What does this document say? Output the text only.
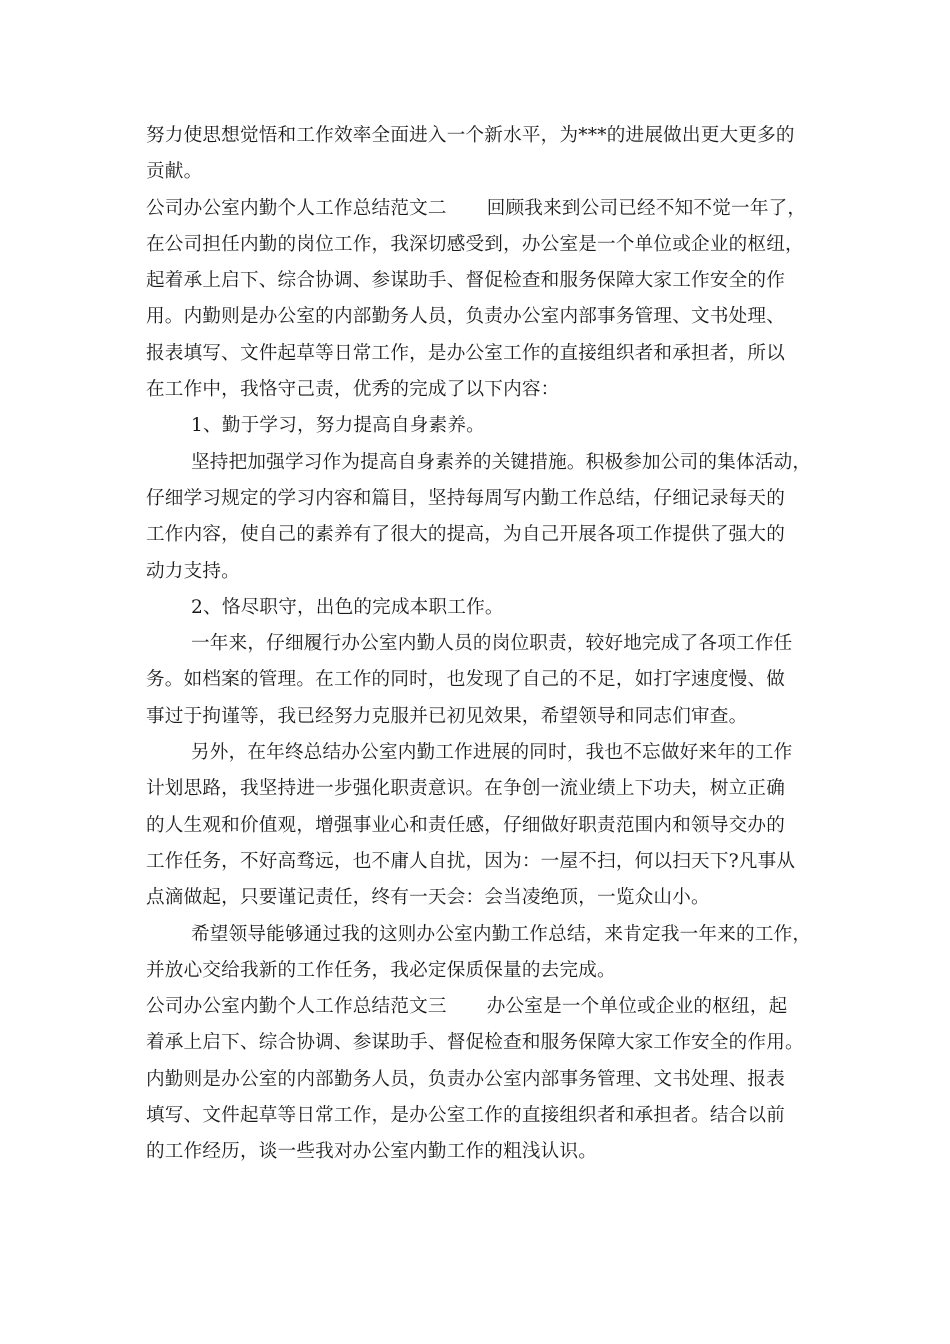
努力使思想觉悟和工作效率全面进入一个新水平，为***的进展做出更大更多的
贡献。
公司办公室内勤个人工作总结范文二 回顾我来到公司已经不知不觉一年了，
在公司担任内勤的岗位工作，我深切感受到，办公室是一个单位或企业的枢纽，
起着承上启下、综合协调、参谋助手、督促检查和服务保障大家工作安全的作
用。内勤则是办公室的内部勤务人员，负责办公室内部事务管理、文书处理、
报表填写、文件起草等日常工作，是办公室工作的直接组织者和承担者，所以
在工作中，我恪守己责，优秀的完成了以下内容：
1、勤于学习，努力提高自身素养。
坚持把加强学习作为提高自身素养的关键措施。积极参加公司的集体活动，
仔细学习规定的学习内容和篇目，坚持每周写内勤工作总结，仔细记录每天的
工作内容，使自己的素养有了很大的提高，为自己开展各项工作提供了强大的
动力支持。
2、恪尽职守，出色的完成本职工作。
一年来，仔细履行办公室内勤人员的岗位职责，较好地完成了各项工作任
务。如档案的管理。在工作的同时，也发现了自己的不足，如打字速度慢、做
事过于拘谨等，我已经努力克服并已初见效果，希望领导和同志们审查。
另外，在年终总结办公室内勤工作进展的同时，我也不忘做好来年的工作
计划思路，我坚持进一步强化职责意识。在争创一流业绩上下功夫，树立正确
的人生观和价值观，增强事业心和责任感，仔细做好职责范围内和领导交办的
工作任务，不好高骛远，也不庸人自扰，因为：一屋不扫，何以扫天下?凡事从
点滴做起，只要谨记责任，终有一天会：会当凌绝顶，一览众山小。
希望领导能够通过我的这则办公室内勤工作总结，来肯定我一年来的工作，
并放心交给我新的工作任务，我必定保质保量的去完成。
公司办公室内勤个人工作总结范文三 办公室是一个单位或企业的枢纽，起
着承上启下、综合协调、参谋助手、督促检查和服务保障大家工作安全的作用。
内勤则是办公室的内部勤务人员，负责办公室内部事务管理、文书处理、报表
填写、文件起草等日常工作，是办公室工作的直接组织者和承担者。结合以前
的工作经历，谈一些我对办公室内勤工作的粗浅认识。
